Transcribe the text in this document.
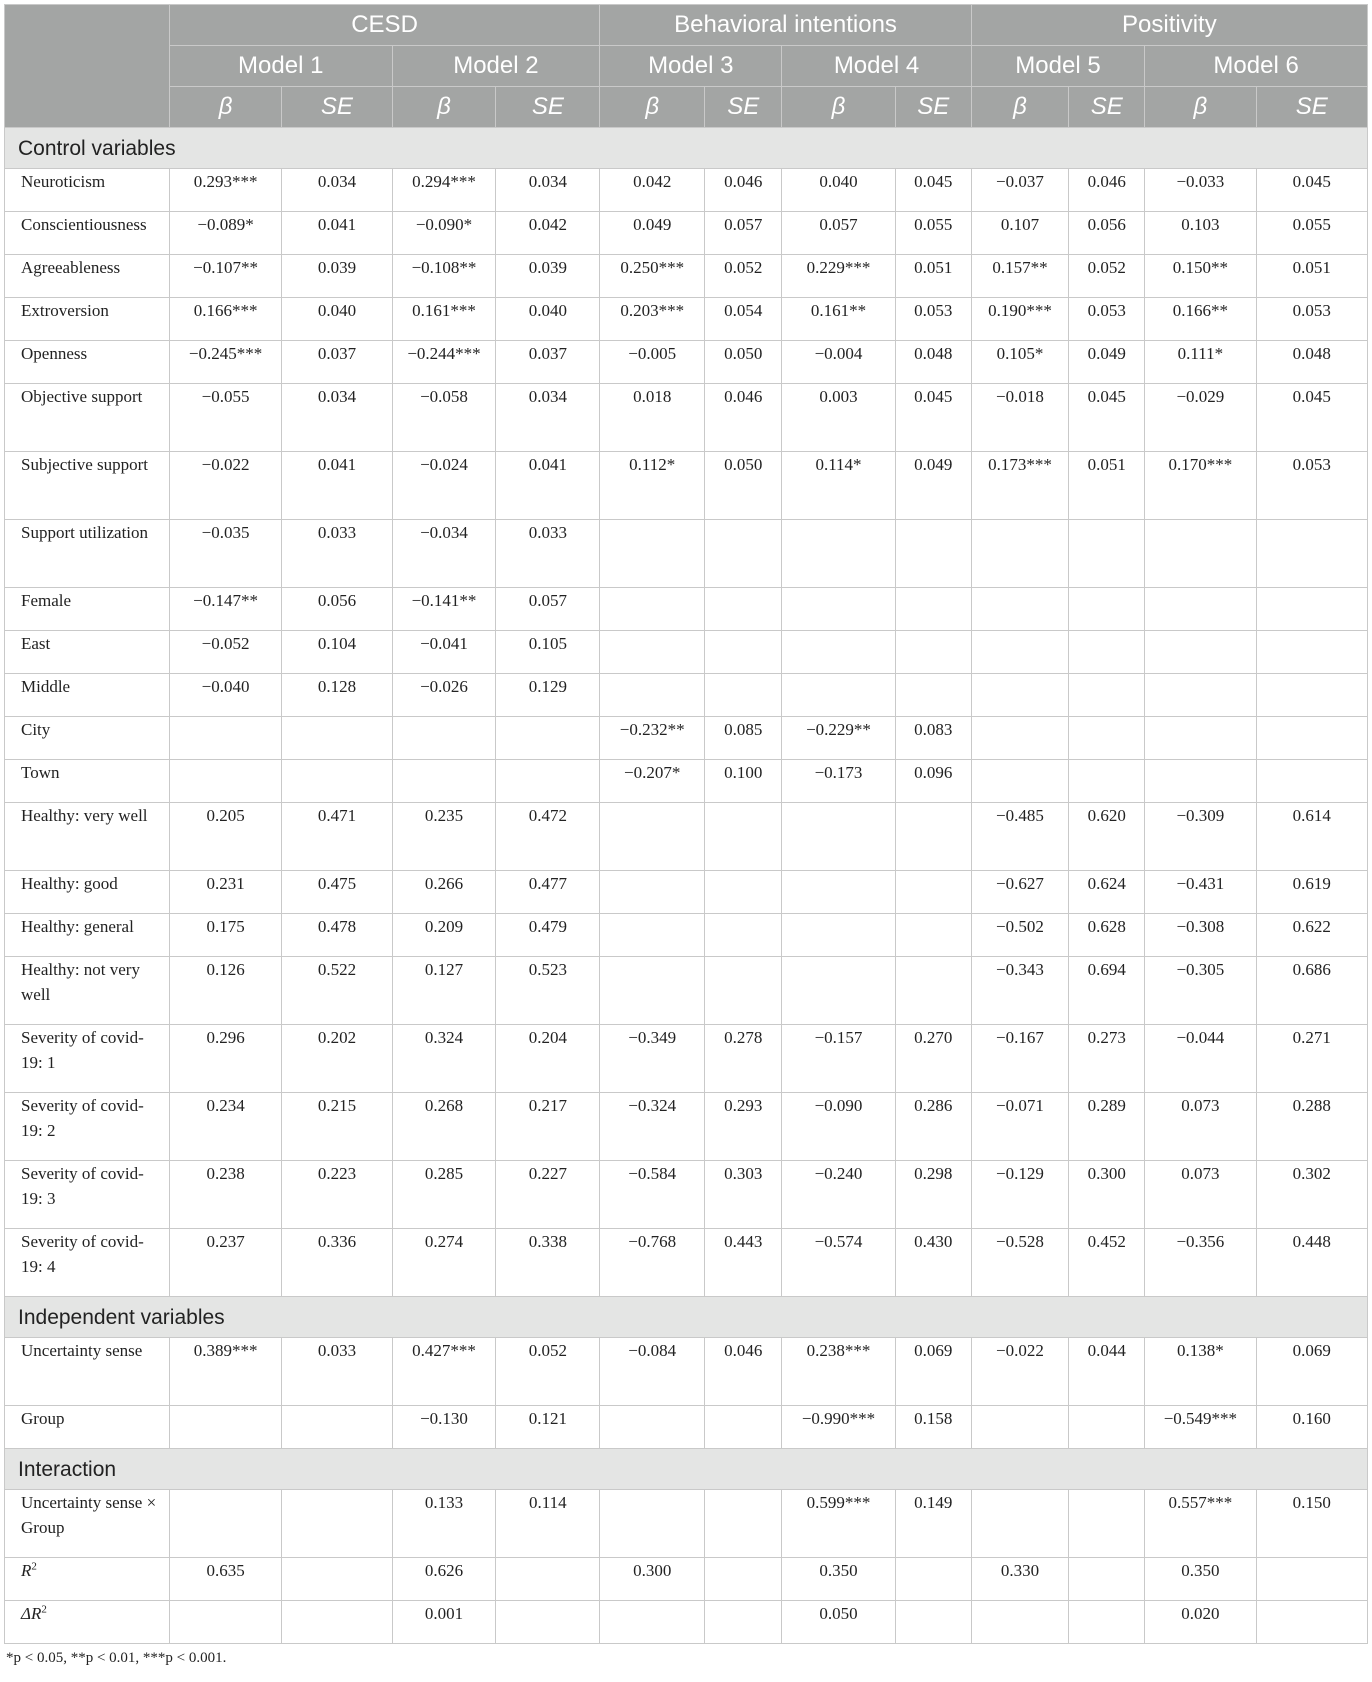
	CESD				Behavioral intentions				Positivity			
	Model 1		Model 2		Model 3		Model 4		Model 5		Model 6	
	β	SE	β	SE	β	SE	β	SE	β	SE	β	SE
Control variables												
Neuroticism	0.293***	0.034	0.294***	0.034	0.042	0.046	0.040	0.045	−0.037	0.046	−0.033	0.045
Conscientiousness	−0.089*	0.041	−0.090*	0.042	0.049	0.057	0.057	0.055	0.107	0.056	0.103	0.055
Agreeableness	−0.107**	0.039	−0.108**	0.039	0.250***	0.052	0.229***	0.051	0.157**	0.052	0.150**	0.051
Extroversion	0.166***	0.040	0.161***	0.040	0.203***	0.054	0.161**	0.053	0.190***	0.053	0.166**	0.053
Openness	−0.245***	0.037	−0.244***	0.037	−0.005	0.050	−0.004	0.048	0.105*	0.049	0.111*	0.048
Objective support	−0.055	0.034	−0.058	0.034	0.018	0.046	0.003	0.045	−0.018	0.045	−0.029	0.045
Subjective support	−0.022	0.041	−0.024	0.041	0.112*	0.050	0.114*	0.049	0.173***	0.051	0.170***	0.053
Support utilization	−0.035	0.033	−0.034	0.033								
Female	−0.147**	0.056	−0.141**	0.057								
East	−0.052	0.104	−0.041	0.105								
Middle	−0.040	0.128	−0.026	0.129								
City					−0.232**	0.085	−0.229**	0.083				
Town					−0.207*	0.100	−0.173	0.096				
Healthy: very well	0.205	0.471	0.235	0.472					−0.485	0.620	−0.309	0.614
Healthy: good	0.231	0.475	0.266	0.477					−0.627	0.624	−0.431	0.619
Healthy: general	0.175	0.478	0.209	0.479					−0.502	0.628	−0.308	0.622
Healthy: not very well	0.126	0.522	0.127	0.523					−0.343	0.694	−0.305	0.686
Severity of covid-19: 1	0.296	0.202	0.324	0.204	−0.349	0.278	−0.157	0.270	−0.167	0.273	−0.044	0.271
Severity of covid-19: 2	0.234	0.215	0.268	0.217	−0.324	0.293	−0.090	0.286	−0.071	0.289	0.073	0.288
Severity of covid-19: 3	0.238	0.223	0.285	0.227	−0.584	0.303	−0.240	0.298	−0.129	0.300	0.073	0.302
Severity of covid-19: 4	0.237	0.336	0.274	0.338	−0.768	0.443	−0.574	0.430	−0.528	0.452	−0.356	0.448
Independent variables												
Uncertainty sense	0.389***	0.033	0.427***	0.052	−0.084	0.046	0.238***	0.069	−0.022	0.044	0.138*	0.069
Group			−0.130	0.121			−0.990***	0.158			−0.549***	0.160
Interaction												
Uncertainty sense × Group			0.133	0.114			0.599***	0.149			0.557***	0.150
$R^2$	0.635		0.626		0.300		0.350		0.330		0.350	
$\Delta R^2$			0.001				0.050				0.020	
*p < 0.05, **p < 0.01, ***p < 0.001.
